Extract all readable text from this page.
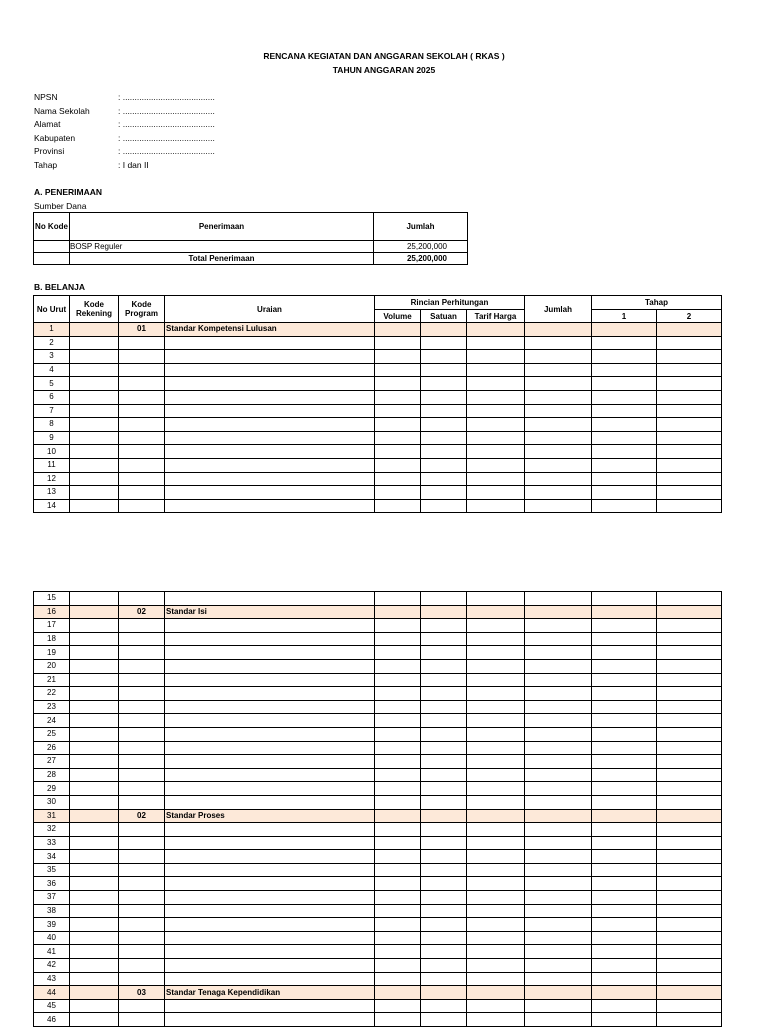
RENCANA KEGIATAN DAN ANGGARAN SEKOLAH ( RKAS )
TAHUN ANGGARAN 2025
NPSN	: .......................................
Nama Sekolah	: .......................................
Alamat	: .......................................
Kabupaten	: .......................................
Provinsi	: .......................................
Tahap	: I dan II
A. PENERIMAAN
Sumber Dana
No Kode	Penerimaan	Jumlah
	BOSP Reguler	25,200,000
	Total Penerimaan	25,200,000
B. BELANJA
No Urut	Kode Rekening	Kode Program	Uraian	Rincian Perhitungan			Jumlah	Tahap	
				Volume	Satuan	Tarif Harga		1	2
1		01	Standar Kompetensi Lulusan						
2									
3									
4									
5									
6									
7									
8									
9									
10									
11									
12									
13									
14									
15									
16		02	Standar Isi						
17									
18									
19									
20									
21									
22									
23									
24									
25									
26									
27									
28									
29									
30									
31		02	Standar Proses						
32									
33									
34									
35									
36									
37									
38									
39									
40									
41									
42									
43									
44		03	Standar Tenaga Kependidikan						
45									
46									
